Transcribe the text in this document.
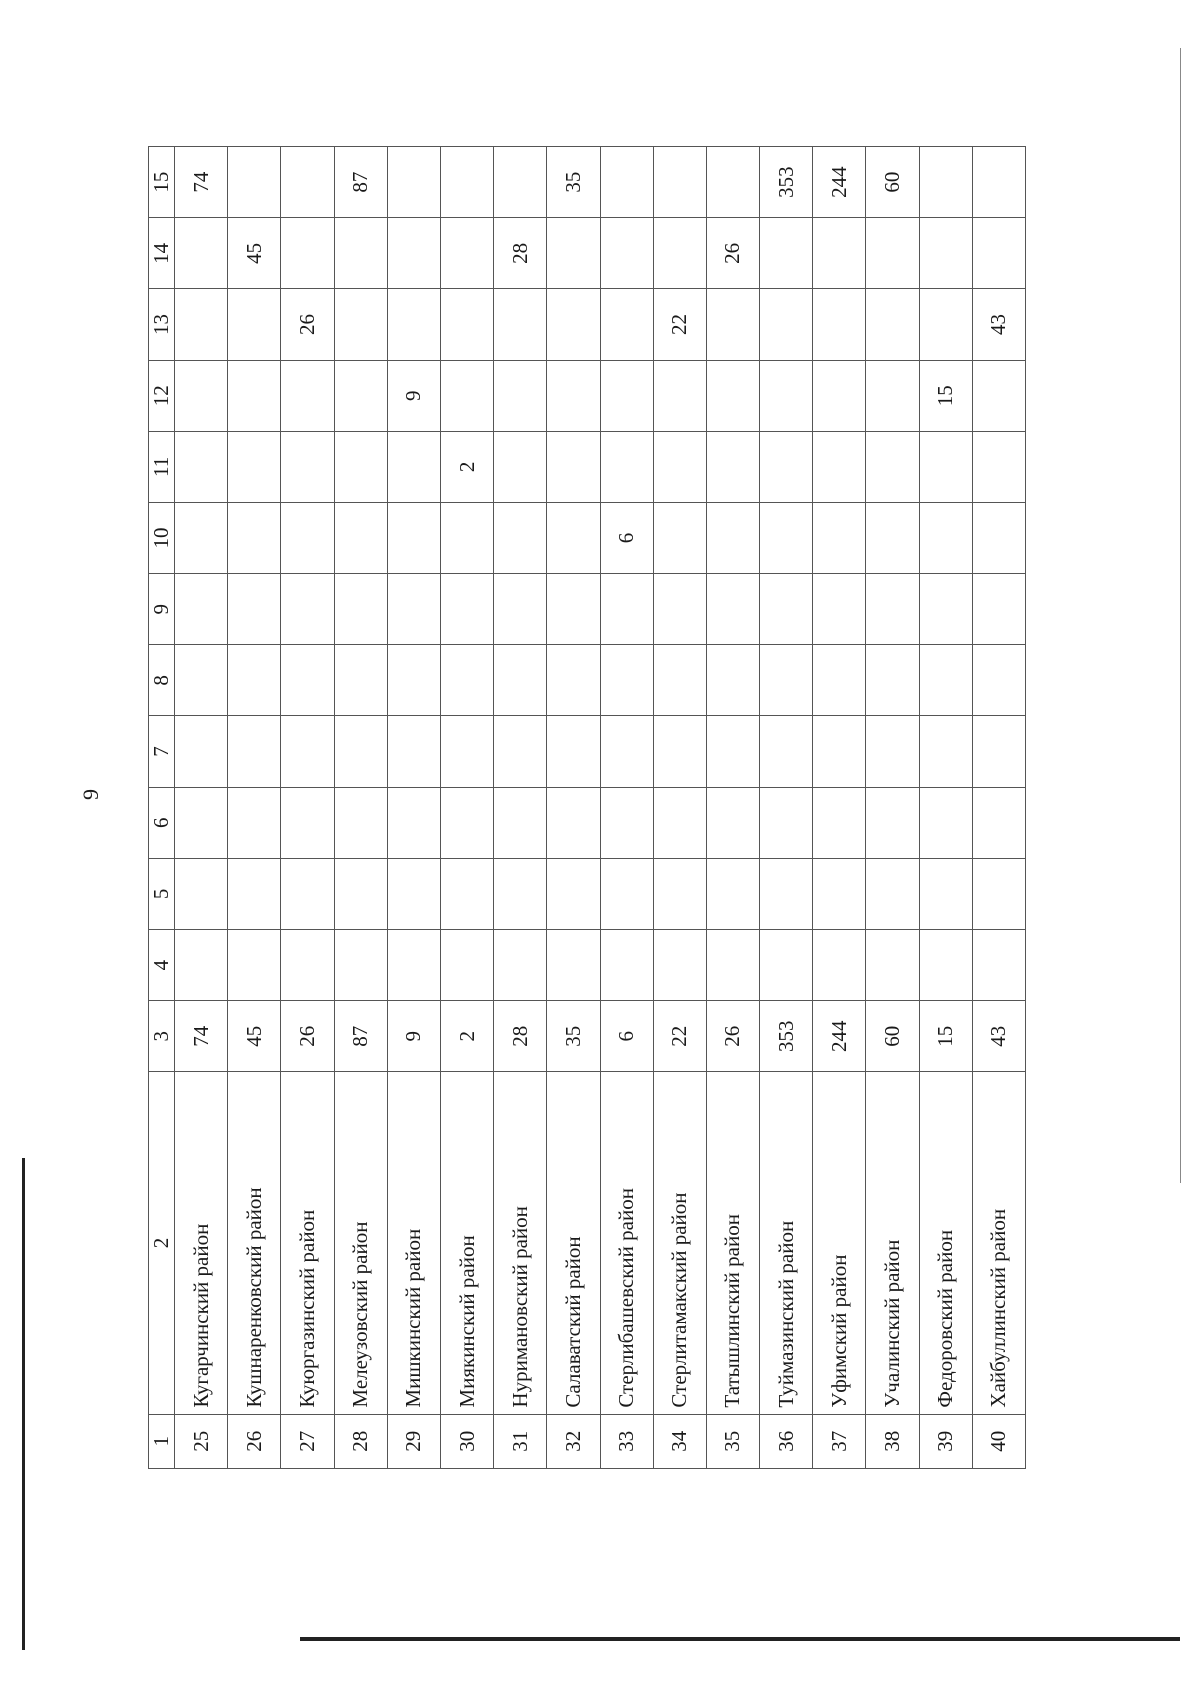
9
1	2	3	4	5	6	7	8	9	10	11	12	13	14	15
25	Кугарчинский район	74												74
26	Кушнаренковский район	45											45	
27	Куюргазинский район	26										26		
28	Мелеузовский район	87												87
29	Мишкинский район	9									9			
30	Миякинский район	2								2				
31	Нуримановский район	28											28	
32	Салаватский район	35												35
33	Стерлибашевский район	6							6					
34	Стерлитамакский район	22										22		
35	Татышлинский район	26											26	
36	Туймазинский район	353												353
37	Уфимский район	244												244
38	Учалинский район	60												60
39	Федоровский район	15									15			
40	Хайбуллинский район	43										43		
